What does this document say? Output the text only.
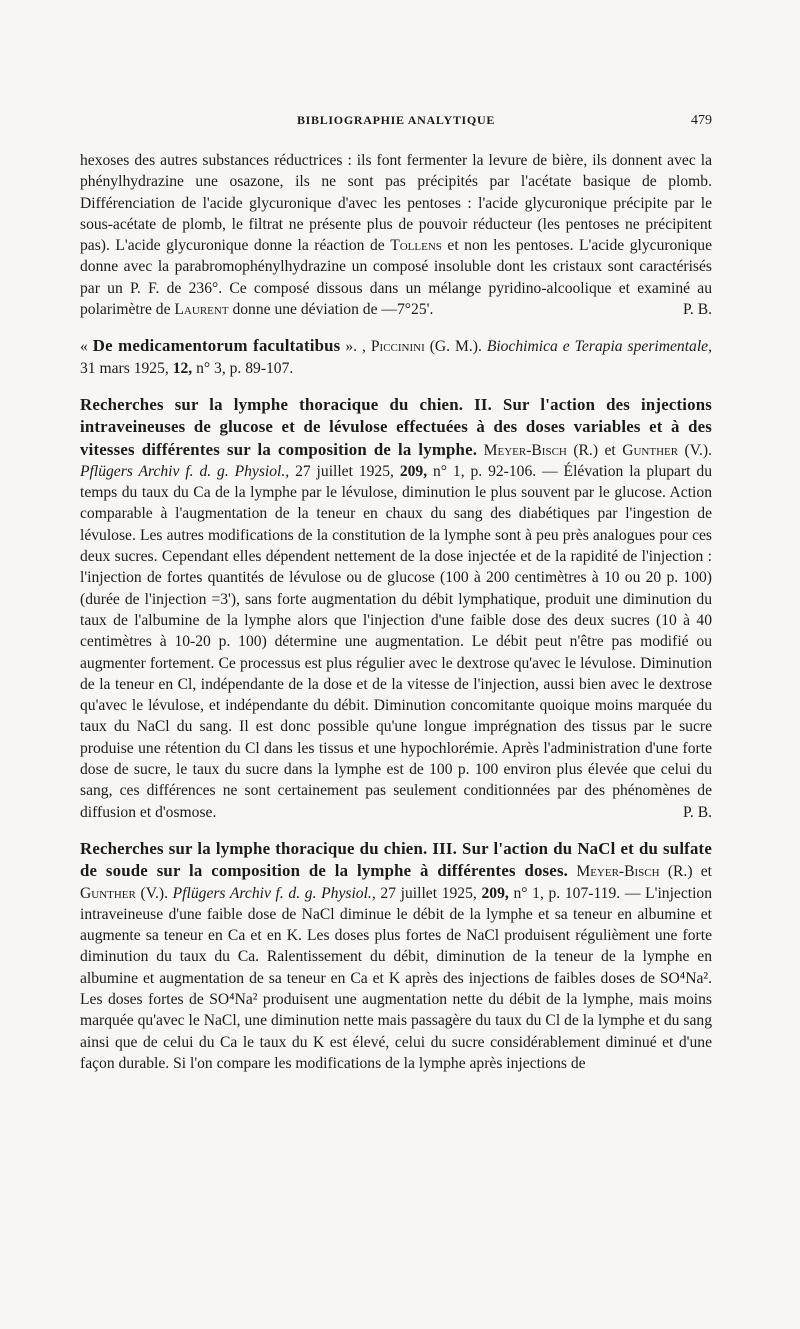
BIBLIOGRAPHIE ANALYTIQUE	479

hexoses des autres substances réductrices : ils font fermenter la levure de bière, ils donnent avec la phénylhydrazine une osazone, ils ne sont pas précipités par l'acétate basique de plomb. Différenciation de l'acide glycuronique d'avec les pentoses : l'acide glycuronique précipite par le sous-acétate de plomb, le filtrat ne présente plus de pouvoir réducteur (les pentoses ne précipitent pas). L'acide glycuronique donne la réaction de Tollens et non les pentoses. L'acide glycuronique donne avec la parabromophénylhydrazine un composé insoluble dont les cristaux sont caractérisés par un P. F. de 236°. Ce composé dissous dans un mélange pyridino-alcoolique et examiné au polarimètre de Laurent donne une déviation de —7°25'.	P. B.

« De medicamentorum facultatibus ». , Piccinini (G. M.). Biochimica e Terapia sperimentale, 31 mars 1925, 12, n° 3, p. 89-107.

Recherches sur la lymphe thoracique du chien. II. Sur l'action des injections intraveineuses de glucose et de lévulose effectuées à des doses variables et à des vitesses différentes sur la composition de la lymphe. Meyer-Bisch (R.) et Gunther (V.). Pflügers Archiv f. d. g. Physiol., 27 juillet 1925, 209, n° 1, p. 92-106. — Élévation la plupart du temps du taux du Ca de la lymphe par le lévulose, diminution le plus souvent par le glucose. Action comparable à l'augmentation de la teneur en chaux du sang des diabétiques par l'ingestion de lévulose. Les autres modifications de la constitution de la lymphe sont à peu près analogues pour ces deux sucres. Cependant elles dépendent nettement de la dose injectée et de la rapidité de l'injection : l'injection de fortes quantités de lévulose ou de glucose (100 à 200 centimètres à 10 ou 20 p. 100) (durée de l'injection =3'), sans forte augmentation du débit lymphatique, produit une diminution du taux de l'albumine de la lymphe alors que l'injection d'une faible dose des deux sucres (10 à 40 centimètres à 10-20 p. 100) détermine une augmentation. Le débit peut n'être pas modifié ou augmenter fortement. Ce processus est plus régulier avec le dextrose qu'avec le lévulose. Diminution de la teneur en Cl, indépendante de la dose et de la vitesse de l'injection, aussi bien avec le dextrose qu'avec le lévulose, et indépendante du débit. Diminution concomitante quoique moins marquée du taux du NaCl du sang. Il est donc possible qu'une longue imprégnation des tissus par le sucre produise une rétention du Cl dans les tissus et une hypochlorémie. Après l'administration d'une forte dose de sucre, le taux du sucre dans la lymphe est de 100 p. 100 environ plus élevée que celui du sang, ces différences ne sont certainement pas seulement conditionnées par des phénomènes de diffusion et d'osmose.	P. B.

Recherches sur la lymphe thoracique du chien. III. Sur l'action du NaCl et du sulfate de soude sur la composition de la lymphe à différentes doses. Meyer-Bisch (R.) et Gunther (V.). Pflügers Archiv f. d. g. Physiol., 27 juillet 1925, 209, n° 1, p. 107-119. — L'injection intraveineuse d'une faible dose de NaCl diminue le débit de la lymphe et sa teneur en albumine et augmente sa teneur en Ca et en K. Les doses plus fortes de NaCl produisent régulièment une forte diminution du taux du Ca. Ralentissement du débit, diminution de la teneur de la lymphe en albumine et augmentation de sa teneur en Ca et K après des injections de faibles doses de SO⁴Na². Les doses fortes de SO⁴Na² produisent une augmentation nette du débit de la lymphe, mais moins marquée qu'avec le NaCl, une diminution nette mais passagère du taux du Cl de la lymphe et du sang ainsi que de celui du Ca le taux du K est élevé, celui du sucre considérablement diminué et d'une façon durable. Si l'on compare les modifications de la lymphe après injections de
